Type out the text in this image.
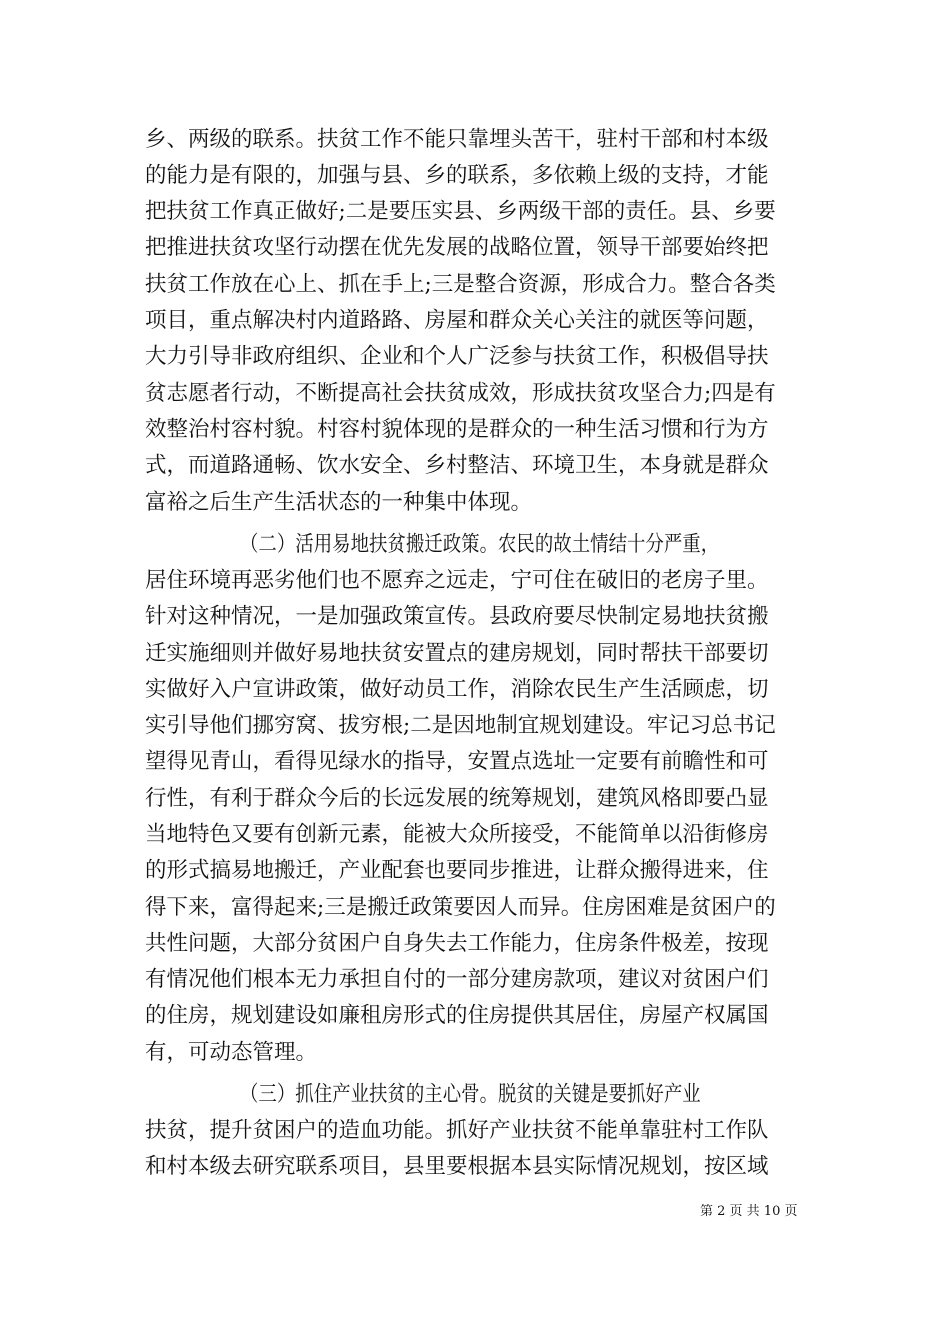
乡、两级的联系。扶贫工作不能只靠埋头苦干，驻村干部和村本级
的能力是有限的，加强与县、乡的联系，多依赖上级的支持，才能
把扶贫工作真正做好;二是要压实县、乡两级干部的责任。县、乡要
把推进扶贫攻坚行动摆在优先发展的战略位置，领导干部要始终把
扶贫工作放在心上、抓在手上;三是整合资源，形成合力。整合各类
项目，重点解决村内道路路、房屋和群众关心关注的就医等问题，
大力引导非政府组织、企业和个人广泛参与扶贫工作，积极倡导扶
贫志愿者行动，不断提高社会扶贫成效，形成扶贫攻坚合力;四是有
效整治村容村貌。村容村貌体现的是群众的一种生活习惯和行为方
式，而道路通畅、饮水安全、乡村整洁、环境卫生，本身就是群众
富裕之后生产生活状态的一种集中体现。
（二）活用易地扶贫搬迁政策。农民的故土情结十分严重，
居住环境再恶劣他们也不愿弃之远走，宁可住在破旧的老房子里。
针对这种情况，一是加强政策宣传。县政府要尽快制定易地扶贫搬
迁实施细则并做好易地扶贫安置点的建房规划，同时帮扶干部要切
实做好入户宣讲政策，做好动员工作，消除农民生产生活顾虑，切
实引导他们挪穷窝、拔穷根;二是因地制宜规划建设。牢记习总书记
望得见青山，看得见绿水的指导，安置点选址一定要有前瞻性和可
行性，有利于群众今后的长远发展的统筹规划，建筑风格即要凸显
当地特色又要有创新元素，能被大众所接受，不能简单以沿街修房
的形式搞易地搬迁，产业配套也要同步推进，让群众搬得进来，住
得下来，富得起来;三是搬迁政策要因人而异。住房困难是贫困户的
共性问题，大部分贫困户自身失去工作能力，住房条件极差，按现
有情况他们根本无力承担自付的一部分建房款项，建议对贫困户们
的住房，规划建设如廉租房形式的住房提供其居住，房屋产权属国
有，可动态管理。
（三）抓住产业扶贫的主心骨。脱贫的关键是要抓好产业
扶贫，提升贫困户的造血功能。抓好产业扶贫不能单靠驻村工作队
和村本级去研究联系项目，县里要根据本县实际情况规划，按区域
第 2 页 共 10 页
